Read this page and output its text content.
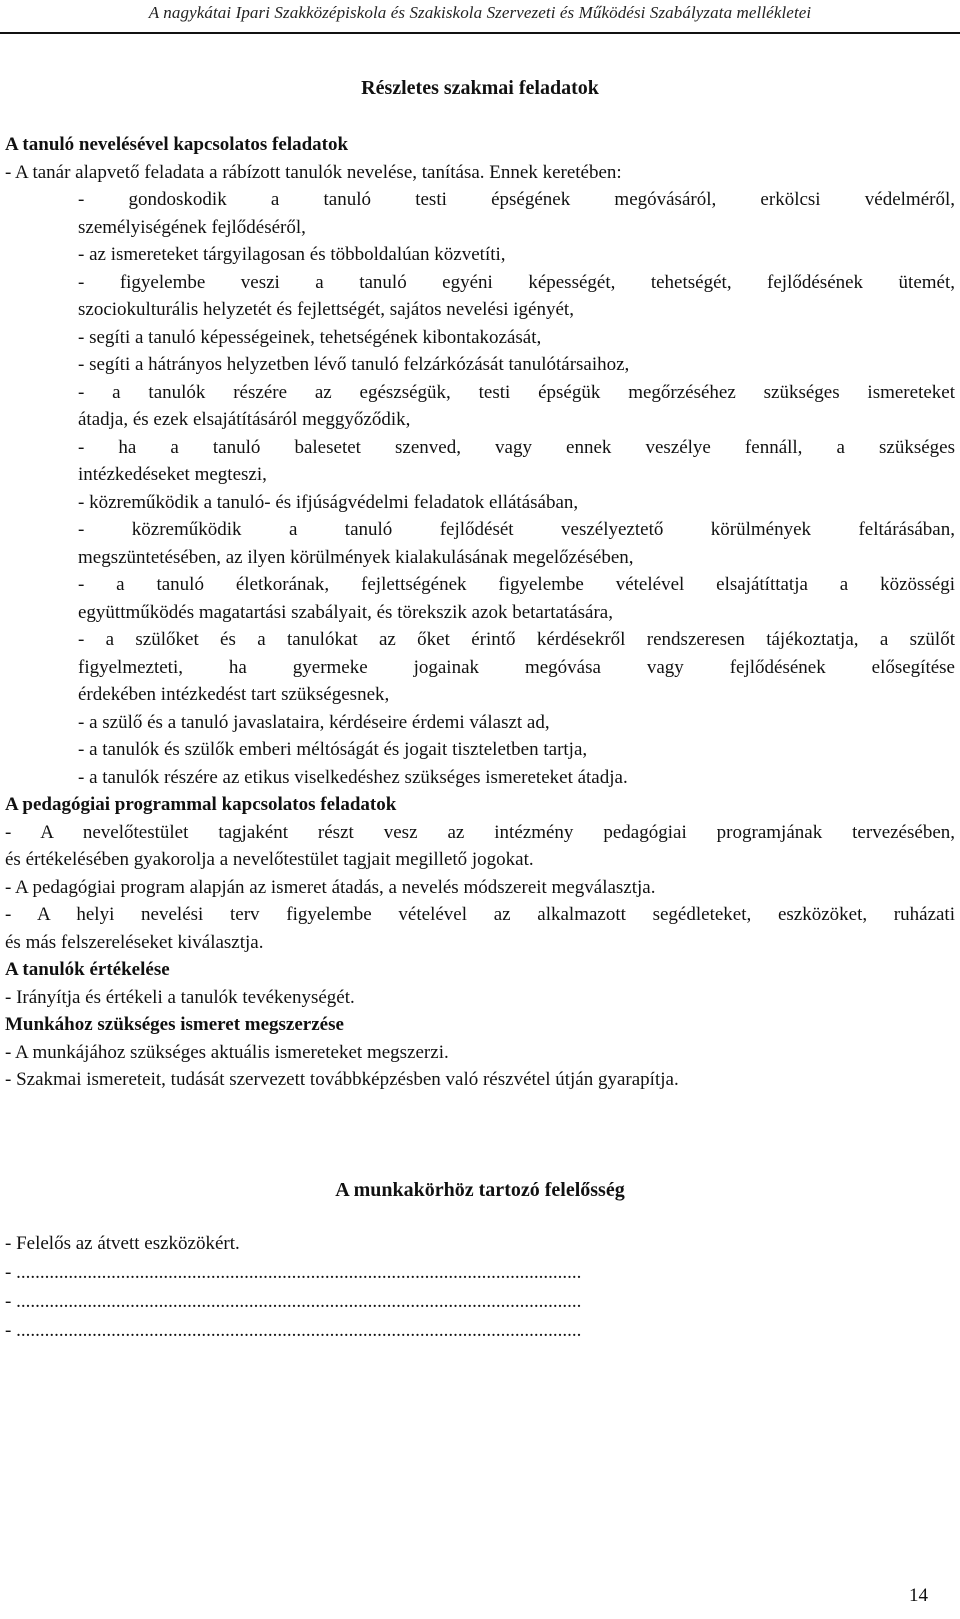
A nagykátai Ipari Szakközépiskola és Szakiskola Szervezeti és Működési Szabályzata mellékletei
Részletes szakmai feladatok
A tanuló nevelésével kapcsolatos feladatok
- A tanár alapvető feladata a rábízott tanulók nevelése, tanítása. Ennek keretében:
- gondoskodik a tanuló testi épségének megóvásáról, erkölcsi védelméről,
személyiségének fejlődéséről,
- az ismereteket tárgyilagosan és többoldalúan közvetíti,
- figyelembe veszi a tanuló egyéni képességét, tehetségét, fejlődésének ütemét,
szociokulturális helyzetét és fejlettségét, sajátos nevelési igényét,
- segíti a tanuló képességeinek, tehetségének kibontakozását,
- segíti a hátrányos helyzetben lévő tanuló felzárkózását tanulótársaihoz,
- a tanulók részére az egészségük, testi épségük megőrzéséhez szükséges ismereteket
átadja, és ezek elsajátításáról meggyőződik,
- ha a tanuló balesetet szenved, vagy ennek veszélye fennáll, a szükséges
intézkedéseket megteszi,
- közreműködik a tanuló- és ifjúságvédelmi feladatok ellátásában,
- közreműködik a tanuló fejlődését veszélyeztető körülmények feltárásában,
megszüntetésében, az ilyen körülmények kialakulásának megelőzésében,
- a tanuló életkorának, fejlettségének figyelembe vételével elsajátíttatja a közösségi
együttműködés magatartási szabályait, és törekszik azok betartatására,
- a szülőket és a tanulókat az őket érintő kérdésekről rendszeresen tájékoztatja, a szülőt
figyelmezteti, ha gyermeke jogainak megóvása vagy fejlődésének elősegítése
érdekében intézkedést tart szükségesnek,
- a szülő és a tanuló javaslataira, kérdéseire érdemi választ ad,
- a tanulók és szülők emberi méltóságát és jogait tiszteletben tartja,
- a tanulók részére az etikus viselkedéshez szükséges ismereteket átadja.
A pedagógiai programmal kapcsolatos feladatok
- A nevelőtestület tagjaként részt vesz az intézmény pedagógiai programjának tervezésében,
és értékelésében gyakorolja a nevelőtestület tagjait megillető jogokat.
- A pedagógiai program alapján az ismeret átadás, a nevelés módszereit megválasztja.
- A helyi nevelési terv figyelembe vételével az alkalmazott segédleteket, eszközöket, ruházati
és más felszereléseket kiválasztja.
A tanulók értékelése
- Irányítja és értékeli a tanulók tevékenységét.
Munkához szükséges ismeret megszerzése
- A munkájához szükséges aktuális ismereteket megszerzi.
- Szakmai ismereteit, tudását szervezett továbbképzésben való részvétel útján gyarapítja.
A munkakörhöz tartozó felelősség
- Felelős az átvett eszközökért.
- .......................................................................................................................
- .......................................................................................................................
- .......................................................................................................................
14
